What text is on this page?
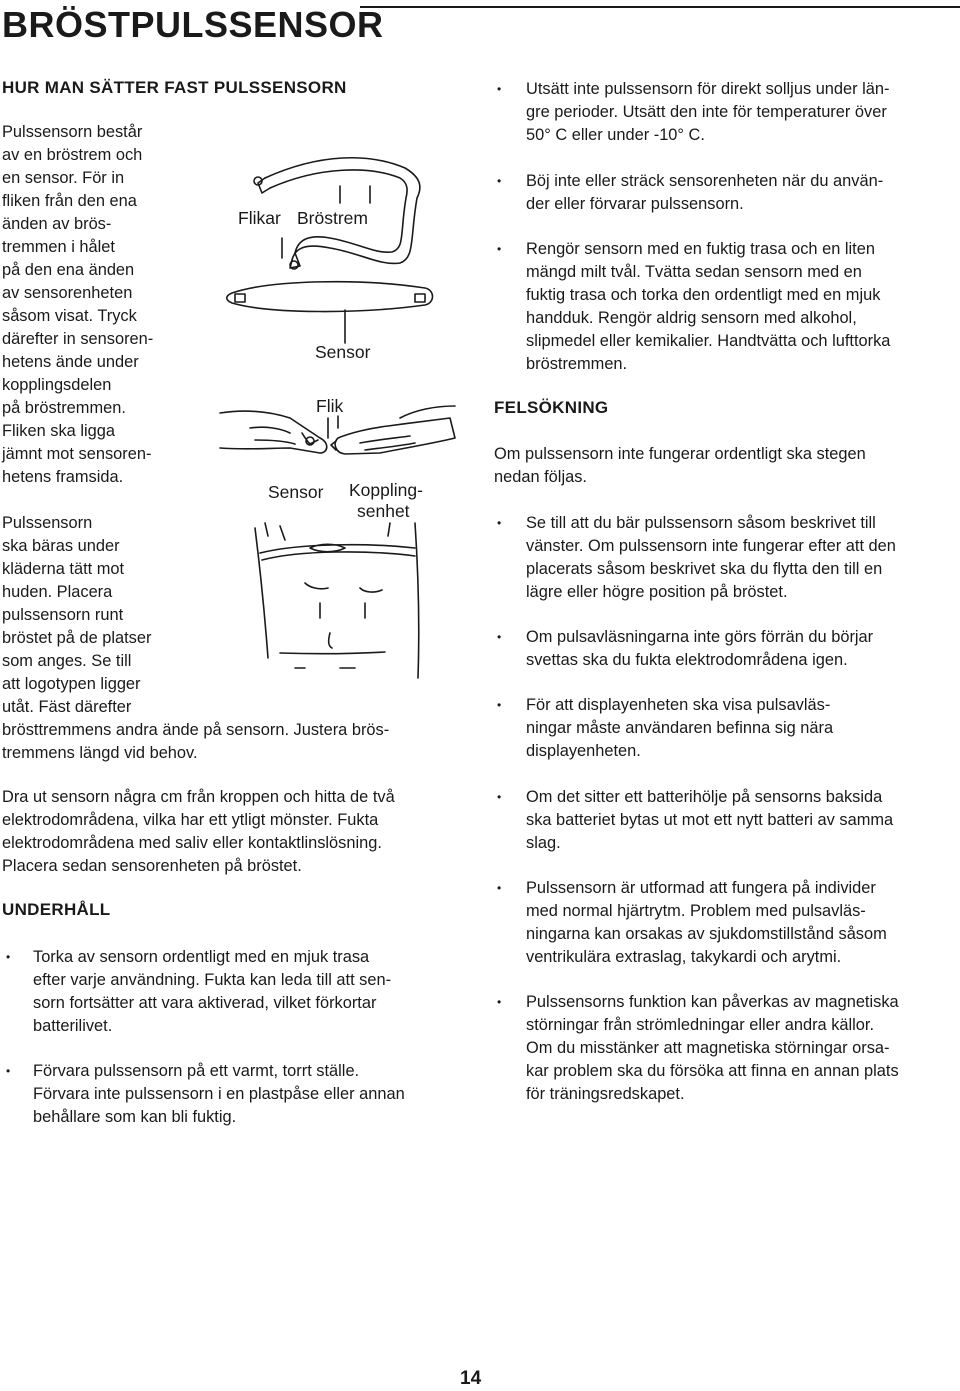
BRÖSTPULSSENSOR
HUR MAN SÄTTER FAST PULSSENSORN

Pulssensorn består

av en bröstrem och

en sensor. För in

fliken från den ena

änden av brös-

tremmen i hålet

på den ena änden

av sensorenheten

såsom visat. Tryck

därefter in sensoren-

hetens ände under

kopplingsdelen

på bröstremmen.

Fliken ska ligga

jämnt mot sensoren-

hetens framsida.

Pulssensorn

ska bäras under

kläderna tätt mot

huden. Placera

pulssensorn runt

bröstet på de platser

som anges. Se till

att logotypen ligger

utåt. Fäst därefter

brösttremmens andra ände på sensorn. Justera brös-

tremmens längd vid behov.

Dra ut sensorn några cm från kroppen och hitta de två

elektrodområdena, vilka har ett ytligt mönster. Fukta

elektrodområdena med saliv eller kontaktlinslösning.

Placera sedan sensorenheten på bröstet.

UNDERHÅLL
• Torka av sensorn ordentligt med en mjuk trasa

efter varje användning. Fukta kan leda till att sen-

sorn fortsätter att vara aktiverad, vilket förkortar

batterilivet.

• Förvara pulssensorn på ett varmt, torrt ställe.

Förvara inte pulssensorn i en plastpåse eller annan

behållare som kan bli fuktig.

Flikar Bröstrem
Sensor
Flik
Sensor Koppling-
senhet
• Utsätt inte pulssensorn för direkt solljus under län-

gre perioder. Utsätt den inte för temperaturer över

50° C eller under -10° C.

• Böj inte eller sträck sensorenheten när du använ-

der eller förvarar pulssensorn.

• Rengör sensorn med en fuktig trasa och en liten

mängd milt tvål. Tvätta sedan sensorn med en

fuktig trasa och torka den ordentligt med en mjuk

handduk. Rengör aldrig sensorn med alkohol,

slipmedel eller kemikalier. Handtvätta och lufttorka

bröstremmen.

FELSÖKNING

Om pulssensorn inte fungerar ordentligt ska stegen

nedan följas.

• Se till att du bär pulssensorn såsom beskrivet till

vänster. Om pulssensorn inte fungerar efter att den

placerats såsom beskrivet ska du flytta den till en

lägre eller högre position på bröstet.

• Om pulsavläsningarna inte görs förrän du börjar

svettas ska du fukta elektrodområdena igen.

• För att displayenheten ska visa pulsavläs-

ningar måste användaren befinna sig nära

displayenheten.

• Om det sitter ett batterihölje på sensorns baksida

ska batteriet bytas ut mot ett nytt batteri av samma

slag.

• Pulssensorn är utformad att fungera på individer

med normal hjärtrytm. Problem med pulsavläs-

ningarna kan orsakas av sjukdomstillstånd såsom

ventrikulära extraslag, takykardi och arytmi.

• Pulssensorns funktion kan påverkas av magnetiska

störningar från strömledningar eller andra källor.

Om du misstänker att magnetiska störningar orsa-

kar problem ska du försöka att finna en annan plats

för träningsredskapet.

14
